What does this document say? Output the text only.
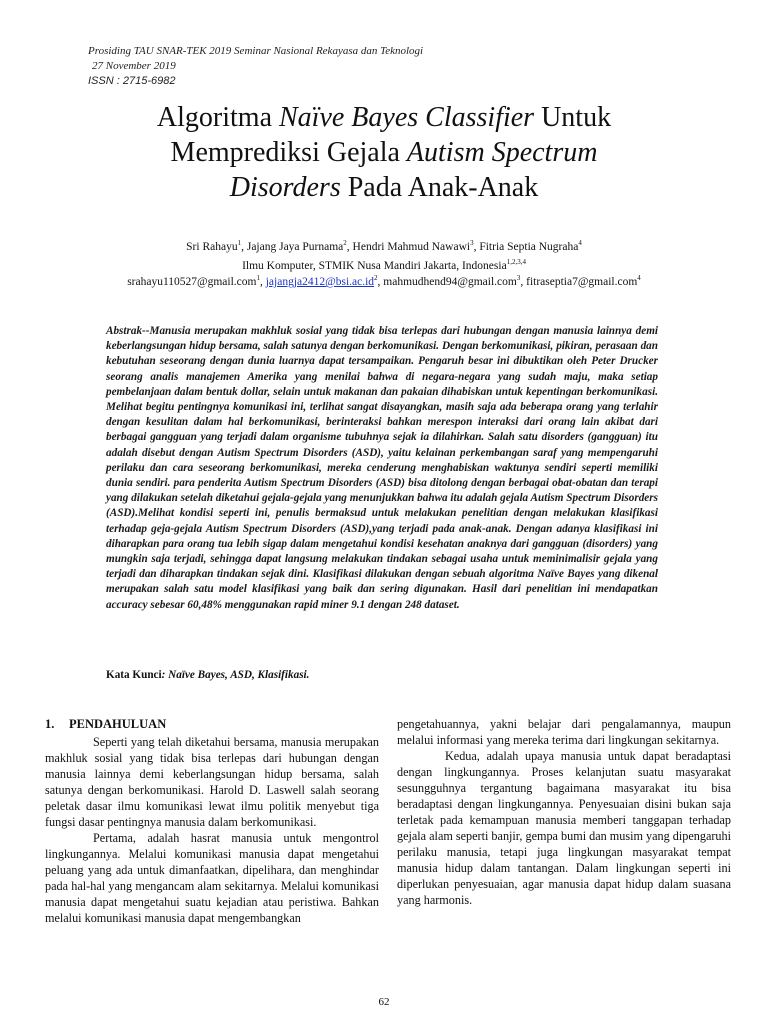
Prosiding TAU SNAR-TEK 2019 Seminar Nasional Rekayasa dan Teknologi
27 November 2019
ISSN : 2715-6982
Algoritma Naïve Bayes Classifier Untuk
Memprediksi Gejala Autism Spectrum
Disorders Pada Anak-Anak
Sri Rahayu$^1$, Jajang Jaya Purnama$^2$, Hendri Mahmud Nawawi$^3$, Fitria Septia Nugraha$^4$
Ilmu Komputer, STMIK Nusa Mandiri Jakarta, Indonesia$^{1,2,3,4}$
srahayu110527@gmail.com$^1$, $jajangja2412@bsi.ac.id^2$, mahmudhend94@gmail.com$^3$, fitraseptia7@gmail.com$^4$
Abstrak--Manusia merupakan makhluk sosial yang tidak bisa terlepas dari hubungan dengan manusia lainnya demi keberlangsungan hidup bersama, salah satunya dengan berkomunikasi. Dengan berkomunikasi, pikiran, perasaan dan kebutuhan seseorang dengan dunia luarnya dapat tersampaikan. Pengaruh besar ini dibuktikan oleh Peter Drucker seorang analis manajemen Amerika yang menilai bahwa di negara-negara yang sudah maju, maka setiap pembelanjaan dalam bentuk dollar, selain untuk makanan dan pakaian dihabiskan untuk kepentingan berkomunikasi. Melihat begitu pentingnya komunikasi ini, terlihat sangat disayangkan, masih saja ada beberapa orang yang terlahir dengan kesulitan dalam hal berkomunikasi, berinteraksi bahkan merespon interaksi dari orang lain akibat dari berbagai gangguan yang terjadi dalam organisme tubuhnya sejak ia dilahirkan. Salah satu disorders (gangguan) itu adalah disebut dengan Autism Spectrum Disorders (ASD), yaitu kelainan perkembangan saraf yang mempengaruhi perilaku dan cara seseorang berkomunikasi, mereka cenderung menghabiskan waktunya sendiri seperti memiliki dunia sendiri. para penderita Autism Spectrum Disorders (ASD) bisa ditolong dengan berbagai obat-obatan dan terapi yang dilakukan setelah diketahui gejala-gejala yang menunjukkan bahwa itu adalah gejala Autism Spectrum Disorders (ASD).Melihat kondisi seperti ini, penulis bermaksud untuk melakukan penelitian dengan melakukan klasifikasi terhadap geja-gejala Autism Spectrum Disorders (ASD),yang terjadi pada anak-anak. Dengan adanya klasifikasi ini diharapkan para orang tua lebih sigap dalam mengetahui kondisi kesehatan anaknya dari gangguan (disorders) yang mungkin saja terjadi, sehingga dapat langsung melakukan tindakan sebagai usaha untuk meminimalisir gejala yang terjadi dan diharapkan tindakan sejak dini. Klasifikasi dilakukan dengan sebuah algoritma Naïve Bayes yang dikenal merupakan salah satu model klasifikasi yang baik dan sering digunakan. Hasil dari penelitian ini mendapatkan accuracy sebesar 60,48% menggunakan rapid miner 9.1 dengan 248 dataset.
Kata Kunci: Naïve Bayes, ASD, Klasifikasi.
1. PENDAHULUAN

Seperti yang telah diketahui bersama, manusia merupakan makhluk sosial yang tidak bisa terlepas dari hubungan dengan manusia lainnya demi keberlangsungan hidup bersama, salah satunya dengan berkomunikasi. Harold D. Laswell salah seorang peletak dasar ilmu komunikasi lewat ilmu politik menyebut tiga fungsi dasar pentingnya manusia dalam berkomunikasi.

Pertama, adalah hasrat manusia untuk mengontrol lingkungannya. Melalui komunikasi manusia dapat mengetahui peluang yang ada untuk dimanfaatkan, dipelihara, dan menghindar pada hal-hal yang mengancam alam sekitarnya. Melalui komunikasi manusia dapat mengetahui suatu kejadian atau peristiwa. Bahkan melalui komunikasi manusia dapat mengembangkan

pengetahuannya, yakni belajar dari pengalamannya, maupun melalui informasi yang mereka terima dari lingkungan sekitarnya.

Kedua, adalah upaya manusia untuk dapat beradaptasi dengan lingkungannya. Proses kelanjutan suatu masyarakat sesungguhnya tergantung bagaimana masyarakat itu bisa beradaptasi dengan lingkungannya. Penyesuaian disini bukan saja terletak pada kemampuan manusia memberi tanggapan terhadap gejala alam seperti banjir, gempa bumi dan musim yang dipengaruhi perilaku manusia, tetapi juga lingkungan masyarakat tempat manusia hidup dalam tantangan. Dalam lingkungan seperti ini diperlukan penyesuaian, agar manusia dapat hidup dalam suasana yang harmonis.

62
